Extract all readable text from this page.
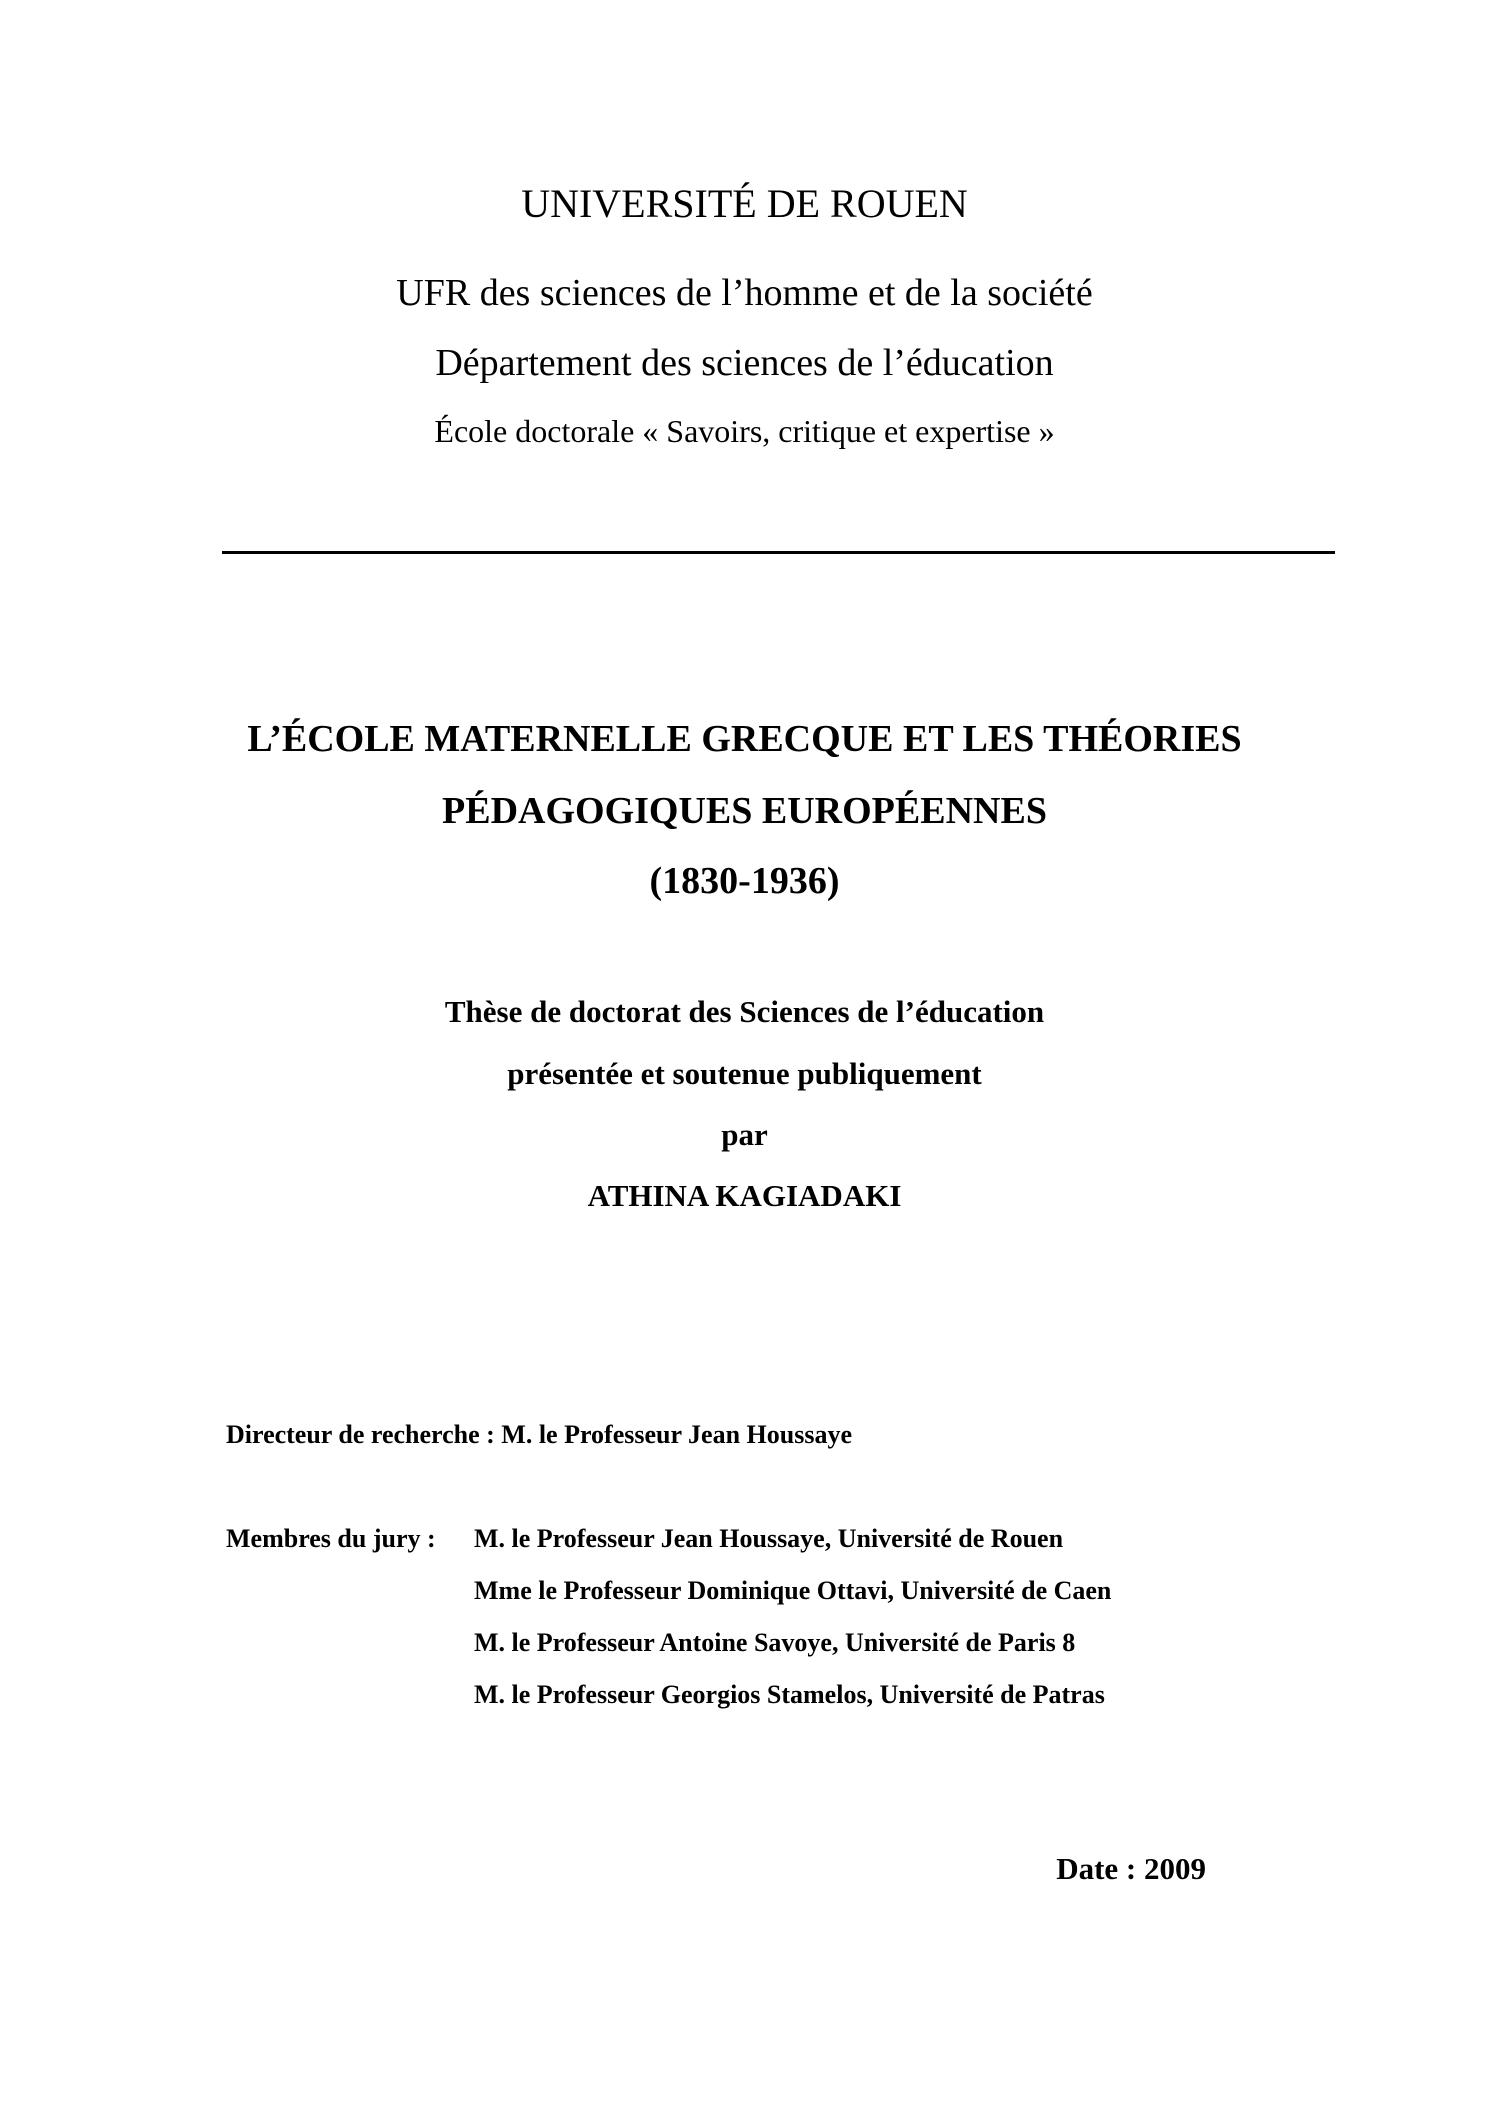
UNIVERSITÉ DE ROUEN
UFR des sciences de l’homme et de la société
Département des sciences de l’éducation
École doctorale « Savoirs, critique et expertise »
L’ÉCOLE MATERNELLE GRECQUE ET LES THÉORIES
PÉDAGOGIQUES EUROPÉENNES
(1830-1936)
Thèse de doctorat des Sciences de l’éducation
présentée et soutenue publiquement
par
ATHINA KAGIADAKI
Directeur de recherche : M. le Professeur Jean Houssaye
Membres du jury : M. le Professeur Jean Houssaye, Université de Rouen
Mme le Professeur Dominique Ottavi, Université de Caen
M. le Professeur Antoine Savoye, Université de Paris 8
M. le Professeur Georgios Stamelos, Université de Patras
Date : 2009
